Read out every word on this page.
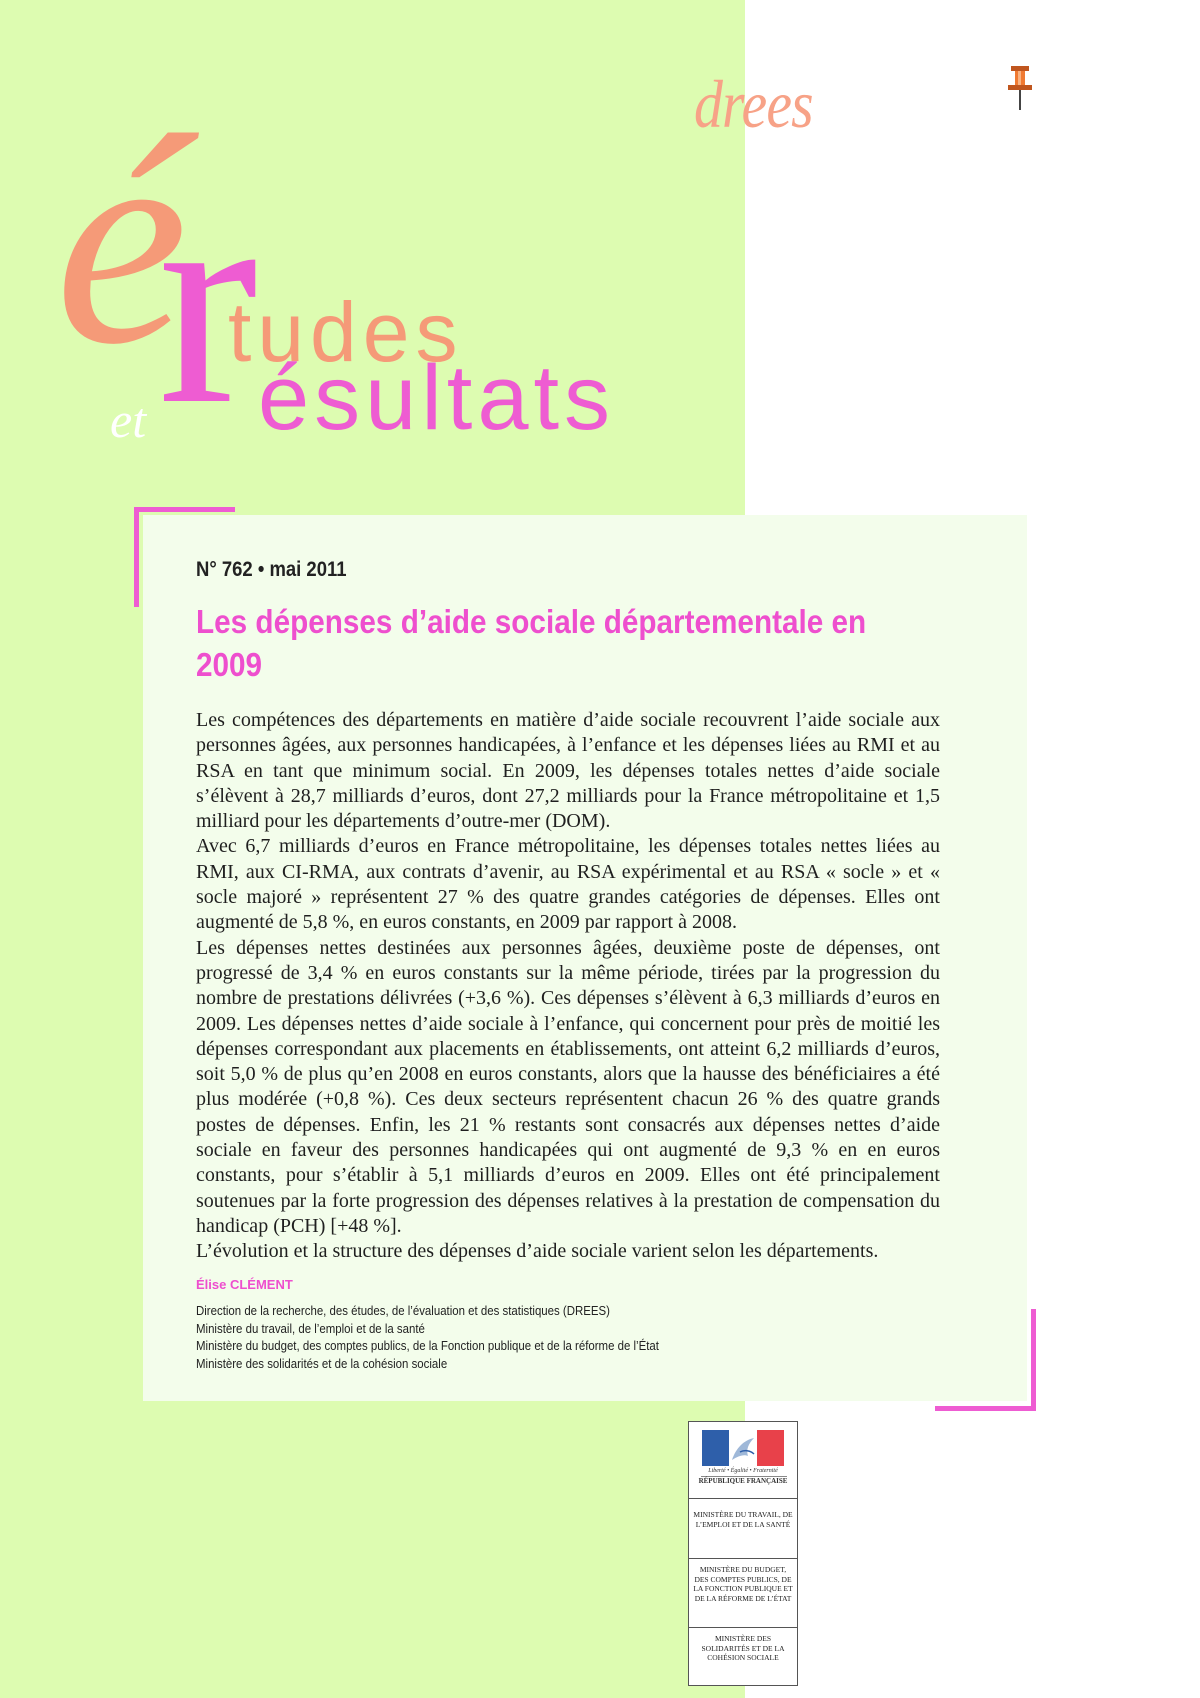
é
r
tudes
ésultats
et
drees
N° 762 • mai 2011
Les dépenses d’aide sociale départementale en 2009

Les compétences des départements en matière d’aide sociale recouvrent l’aide sociale aux personnes âgées, aux personnes handicapées, à l’enfance et les dépenses liées au RMI et au RSA en tant que minimum social. En 2009, les dépenses totales nettes d’aide sociale s’élèvent à 28,7 milliards d’euros, dont 27,2 milliards pour la France métropolitaine et 1,5 milliard pour les départements d’outre-mer (DOM).

Avec 6,7 milliards d’euros en France métropolitaine, les dépenses totales nettes liées au RMI, aux CI-RMA, aux contrats d’avenir, au RSA expérimental et au RSA « socle » et « socle majoré » représentent 27 % des quatre grandes catégories de dépenses. Elles ont augmenté de 5,8 %, en euros constants, en 2009 par rapport à 2008.

Les dépenses nettes destinées aux personnes âgées, deuxième poste de dépenses, ont progressé de 3,4 % en euros constants sur la même période, tirées par la progression du nombre de prestations délivrées (+3,6 %). Ces dépenses s’élèvent à 6,3 milliards d’euros en 2009. Les dépenses nettes d’aide sociale à l’enfance, qui concernent pour près de moitié les dépenses correspondant aux placements en établissements, ont atteint 6,2 milliards d’euros, soit 5,0 % de plus qu’en 2008 en euros constants, alors que la hausse des bénéficiaires a été plus modérée (+0,8 %). Ces deux secteurs représentent chacun 26 % des quatre grands postes de dépenses. Enfin, les 21 % restants sont consacrés aux dépenses nettes d’aide sociale en faveur des personnes handicapées qui ont augmenté de 9,3 % en en euros constants, pour s’établir à 5,1 milliards d’euros en 2009. Elles ont été principalement soutenues par la forte progression des dépenses relatives à la prestation de compensation du handicap (PCH) [+48 %].

L’évolution et la structure des dépenses d’aide sociale varient selon les départements.

Élise CLÉMENT
Direction de la recherche, des études, de l’évaluation et des statistiques (DREES)
Ministère du travail, de l’emploi et de la santé
Ministère du budget, des comptes publics, de la Fonction publique et de la réforme de l’État
Ministère des solidarités et de la cohésion sociale
Liberté • Égalité • Fraternité
RÉPUBLIQUE FRANÇAISE
MINISTÈRE DU TRAVAIL, DE L’EMPLOI ET DE LA SANTÉ
MINISTÈRE DU BUDGET, DES COMPTES PUBLICS, DE LA FONCTION PUBLIQUE ET DE LA RÉFORME DE L’ÉTAT
MINISTÈRE DES SOLIDARITÉS ET DE LA COHÉSION SOCIALE
